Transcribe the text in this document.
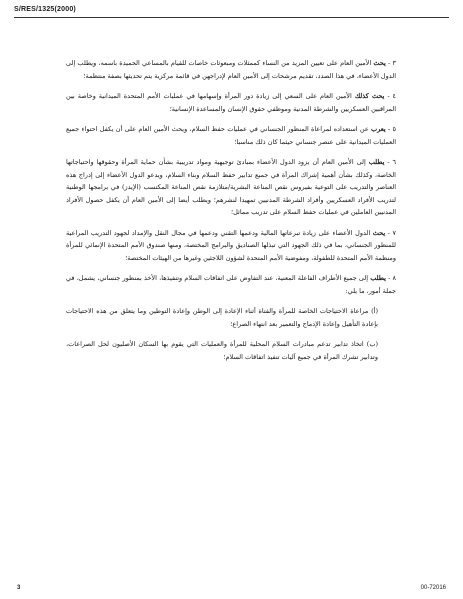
S/RES/1325(2000)

٣ - يحث الأمين العام على تعيين المزيد من النساء كممثلات ومبعوثات خاصات للقيام بالمساعي الحميدة باسمه، ويطلب إلى الدول الأعضاء، في هذا الصدد، تقديم مرشحات إلى الأمين العام لإدراجهن في قائمة مركزية يتم تحديثها بصفة منتظمة؛

٤ - يحث كذلك الأمين العام على السعي إلى زيادة دور المرأة وإسهامها في عمليات الأمم المتحدة الميدانية وخاصة بين المراقبين العسكريين والشرطة المدنية وموظفي حقوق الإنسان والمساعدة الإنسانية؛

٥ - يعرب عن استعداده لمراعاة المنظور الجنساني في عمليات حفظ السلام، ويحث الأمين العام على أن يكفل احتواء جميع العمليات الميدانية على عنصر جنساني حيثما كان ذلك مناسبا؛

٦ - يطلب إلى الأمين العام أن يزود الدول الأعضاء بمبادئ توجيهية ومواد تدريبية بشأن حماية المرأة وحقوقها واحتياجاتها الخاصة، وكذلك بشأن أهمية إشراك المرأة في جميع تدابير حفظ السلام وبناء السلام، ويدعو الدول الأعضاء إلى إدراج هذه العناصر والتدريب على التوعية بفيروس نقص المناعة البشرية/متلازمة نقص المناعة المكتسب (الإيدز) في برامجها الوطنية لتدريب الأفراد العسكريين وأفراد الشرطة المدنيين تمهيدا لنشرهم؛ ويطلب أيضا إلى الأمين العام أن يكفل حصول الأفراد المدنيين العاملين في عمليات حفظ السلام على تدريب مماثل؛

٧ - يحث الدول الأعضاء على زيادة تبرعاتها المالية ودعمها التقني ودعمها في مجال النقل والإمداد لجهود التدريب المراعية للمنظور الجنساني، بما في ذلك الجهود التي تبذلها الصناديق والبرامج المختصة، ومنها صندوق الأمم المتحدة الإنمائي للمرأة ومنظمة الأمم المتحدة للطفولة، ومفوضية الأمم المتحدة لشؤون اللاجئين وغيرها من الهيئات المختصة؛

٨ - يطلب إلى جميع الأطراف الفاعلة المعنية، عند التفاوض على اتفاقات السلام وتنفيذها، الأخذ بمنظور جنساني، يشمل، في جملة أمور، ما يلي:

(أ) مراعاة الاحتياجات الخاصة للمرأة والفتاة أثناء الإعادة إلى الوطن وإعادة التوطين وما يتعلق من هذه الاحتياجات بإعادة التأهيل وإعادة الإدماج والتعمير بعد انتهاء الصراع؛

(ب) اتخاذ تدابير تدعم مبادرات السلام المحلية للمرأة والعمليات التي يقوم بها السكان الأصليون لحل الصراعات، وتدابير تشرك المرأة في جميع آليات تنفيذ اتفاقات السلام؛

3	00-72016
